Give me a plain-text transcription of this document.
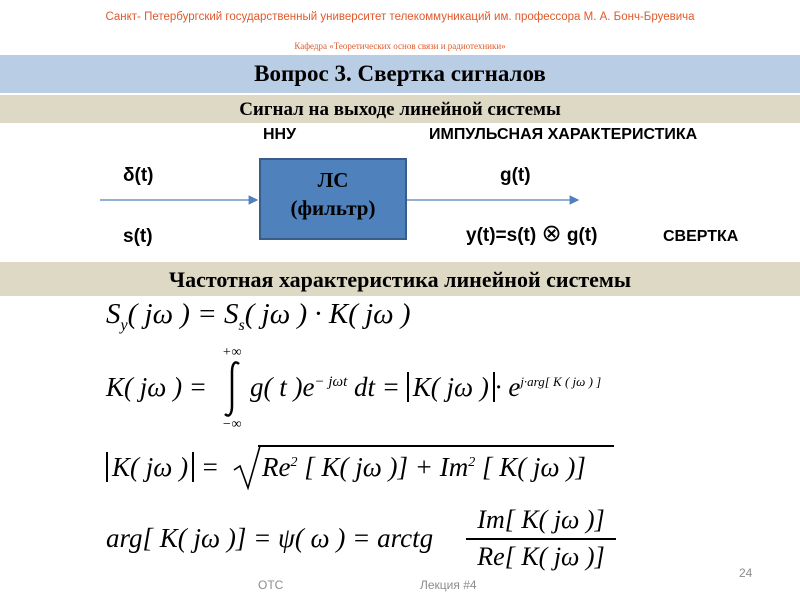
Санкт- Петербургский государственный университет телекоммуникаций им. профессора М. А. Бонч-Бруевича
Кафедра «Теоретических основ связи и радиотехники»
Вопрос 3. Свертка сигналов
Сигнал на выходе линейной системы
ННУ	ИМПУЛЬСНАЯ ХАРАКТЕРИСТИКА
δ(t)
s(t)
ЛС
(фильтр)
g(t)
y(t)=s(t) ⊗ g(t)	СВЕРТКА
Частотная характеристика линейной системы
$S_y$( jω ) = $S_s$( jω ) · K( jω )
K( jω ) =
+∞
−∞
g( t )$e^{- j\omega t}$ dt = K( jω ) · $e^{j\cdot arg[ K ( j\omega ) ]}$
K( jω ) = $Re^2$ [ K( jω )] + $Im^2$ [ K( jω )]
arg[ K( jω )] = ψ( ω ) = arctg
Im[ K( jω )]
Re[ K( jω )]
ОТС	Лекция #4
24
